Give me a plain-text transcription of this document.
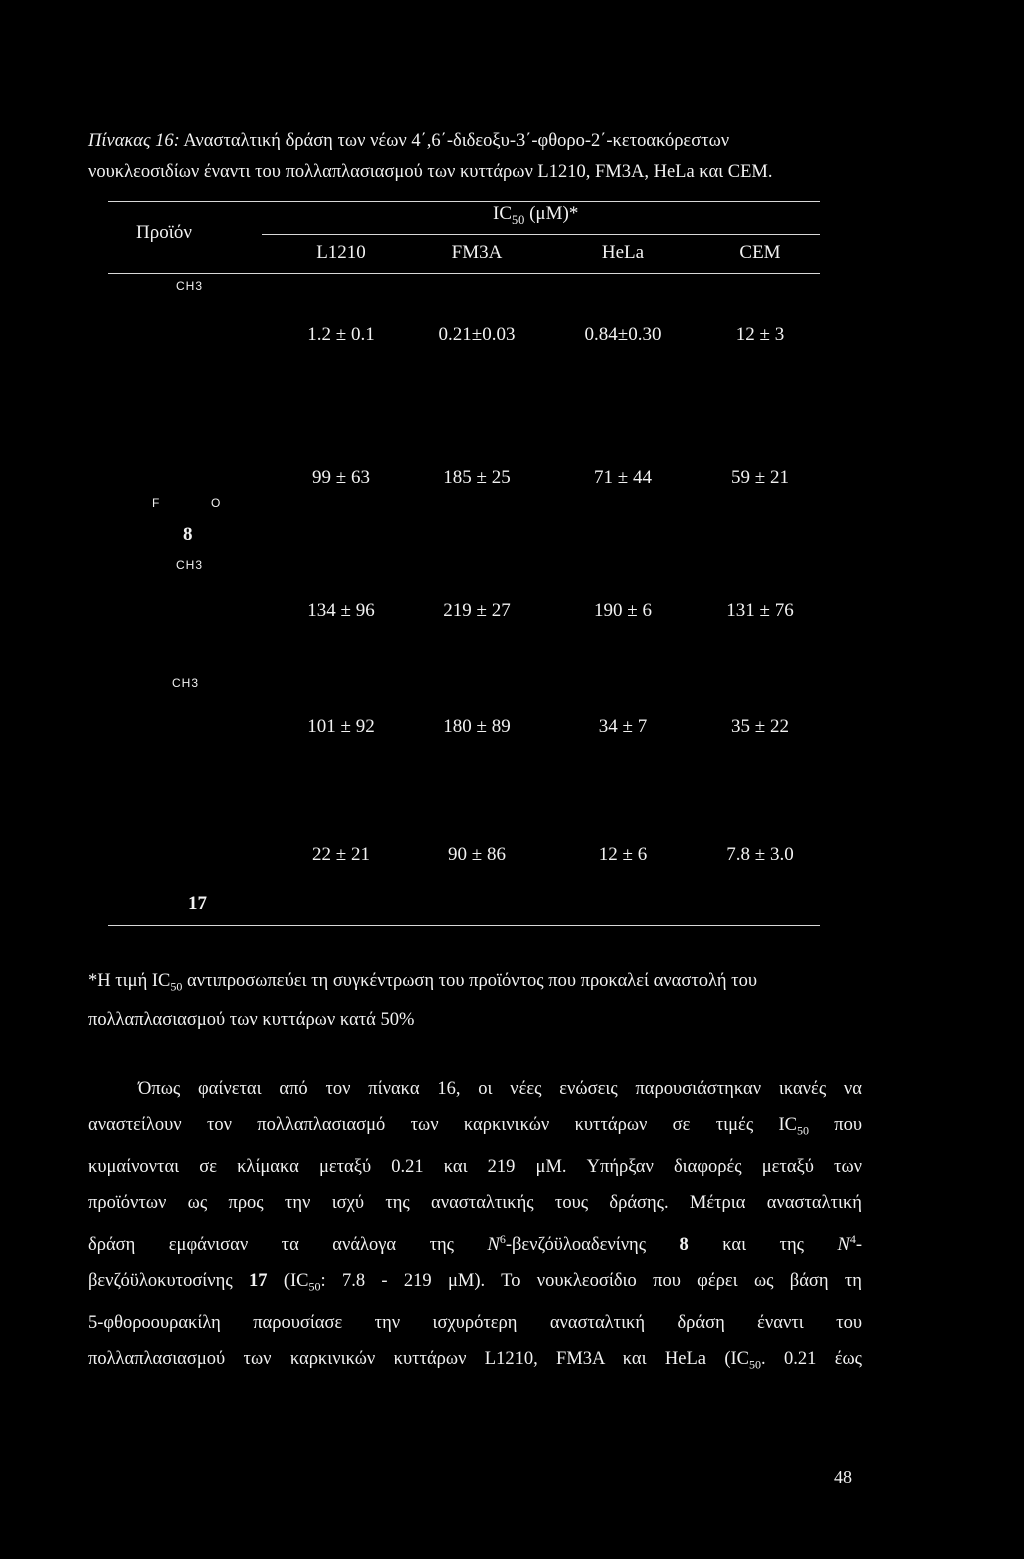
Πίνακας 16: Ανασταλτική δράση των νέων 4΄,6΄-διδεοξυ-3΄-φθορο-2΄-κετοακόρεστων
νουκλεοσιδίων έναντι του πολλαπλασιασμού των κυττάρων L1210, FM3A, HeLa και CEM.
Προϊόν
$IC_{50}$ (μM)*
L1210	FM3A	HeLa	CEM
CH3
F	O
8
CH3
CH3
17
1.2 ± 0.1	0.21±0.03	0.84±0.30	12 ± 3
99 ± 63	185 ± 25	71 ± 44	59 ± 21
134 ± 96	219 ± 27	190 ± 6	131 ± 76
101 ± 92	180 ± 89	34 ± 7	35 ± 22
22 ± 21	90 ± 86	12 ± 6	7.8 ± 3.0
*Η τιμή $IC_{50}$ αντιπροσωπεύει τη συγκέντρωση του προϊόντος που προκαλεί αναστολή του
πολλαπλασιασμού των κυττάρων κατά 50%
Όπως φαίνεται από τον πίνακα 16, οι νέες ενώσεις παρουσιάστηκαν ικανές να
αναστείλουν τον πολλαπλασιασμό των καρκινικών κυττάρων σε τιμές $IC_{50}$ που
κυμαίνονται σε κλίμακα μεταξύ 0.21 και 219 μM. Υπήρξαν διαφορές μεταξύ των
προϊόντων ως προς την ισχύ της ανασταλτικής τους δράσης. Μέτρια ανασταλτική
δράση εμφάνισαν τα ανάλογα της $N^6$-βενζόϋλοαδενίνης 8 και της $N^4-$
βενζόϋλοκυτοσίνης 17 ($IC_{50}$: 7.8 - 219 μM). Το νουκλεοσίδιο που φέρει ως βάση τη
5-φθοροουρακίλη παρουσίασε την ισχυρότερη ανασταλτική δράση έναντι του
πολλαπλασιασμού των καρκινικών κυττάρων L1210, FM3A και HeLa ($IC_{50}$. 0.21 έως
48
